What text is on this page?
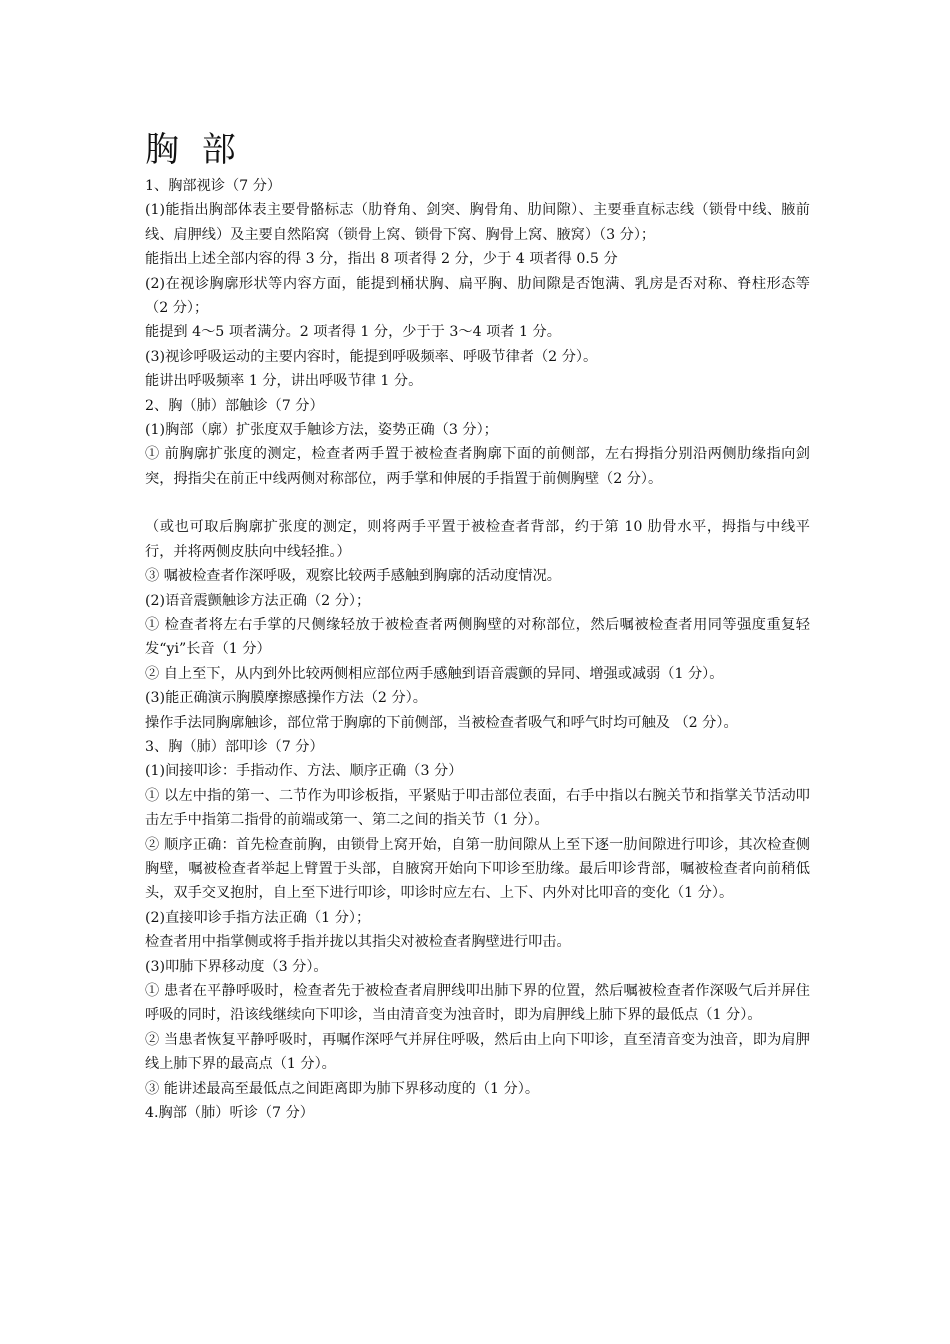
胸 部

1、胸部视诊（7 分）

(1)能指出胸部体表主要骨骼标志（肋脊角、剑突、胸骨角、肋间隙）、主要垂直标志线（锁骨中线、腋前线、肩胛线）及主要自然陷窝（锁骨上窝、锁骨下窝、胸骨上窝、腋窝）（3 分）；

能指出上述全部内容的得 3 分，指出 8 项者得 2 分，少于 4 项者得 0.5 分

(2)在视诊胸廓形状等内容方面，能提到桶状胸、扁平胸、肋间隙是否饱满、乳房是否对称、脊柱形态等（2 分）；

能提到 4～5 项者满分。2 项者得 1 分，少于于 3～4 项者 1 分。

(3)视诊呼吸运动的主要内容时，能提到呼吸频率、呼吸节律者（2 分）。

能讲出呼吸频率 1 分，讲出呼吸节律 1 分。

2、胸（肺）部触诊（7 分）

(1)胸部（廓）扩张度双手触诊方法，姿势正确（3 分）；

① 前胸廓扩张度的测定，检查者两手置于被检查者胸廓下面的前侧部，左右拇指分别沿两侧肋缘指向剑突，拇指尖在前正中线两侧对称部位，两手掌和伸展的手指置于前侧胸壁（2 分）。

（或也可取后胸廓扩张度的测定，则将两手平置于被检查者背部，约于第 10 肋骨水平，拇指与中线平行，并将两侧皮肤向中线轻推。）

③ 嘱被检查者作深呼吸，观察比较两手感触到胸廓的活动度情况。

(2)语音震颤触诊方法正确（2 分）；

① 检查者将左右手掌的尺侧缘轻放于被检查者两侧胸壁的对称部位，然后嘱被检查者用同等强度重复轻发“yi”长音（1 分）

② 自上至下，从内到外比较两侧相应部位两手感触到语音震颤的异同、增强或减弱（1 分）。

(3)能正确演示胸膜摩擦感操作方法（2 分）。

操作手法同胸廓触诊，部位常于胸廓的下前侧部，当被检查者吸气和呼气时均可触及 （2 分）。

3、胸（肺）部叩诊（7 分）

(1)间接叩诊：手指动作、方法、顺序正确（3 分）

① 以左中指的第一、二节作为叩诊板指，平紧贴于叩击部位表面，右手中指以右腕关节和指掌关节活动叩击左手中指第二指骨的前端或第一、第二之间的指关节（1 分）。

② 顺序正确：首先检查前胸，由锁骨上窝开始，自第一肋间隙从上至下逐一肋间隙进行叩诊，其次检查侧胸壁，嘱被检查者举起上臂置于头部，自腋窝开始向下叩诊至肋缘。最后叩诊背部，嘱被检查者向前稍低头，双手交叉抱肘，自上至下进行叩诊，叩诊时应左右、上下、内外对比叩音的变化（1 分）。

(2)直接叩诊手指方法正确（1 分）；

检查者用中指掌侧或将手指并拢以其指尖对被检查者胸壁进行叩击。

(3)叩肺下界移动度（3 分）。

① 患者在平静呼吸时，检查者先于被检查者肩胛线叩出肺下界的位置，然后嘱被检查者作深吸气后并屏住呼吸的同时，沿该线继续向下叩诊，当由清音变为浊音时，即为肩胛线上肺下界的最低点（1 分）。

② 当患者恢复平静呼吸时，再嘱作深呼气并屏住呼吸，然后由上向下叩诊，直至清音变为浊音，即为肩胛线上肺下界的最高点（1 分）。

③ 能讲述最高至最低点之间距离即为肺下界移动度的（1 分）。

4.胸部（肺）听诊（7 分）
